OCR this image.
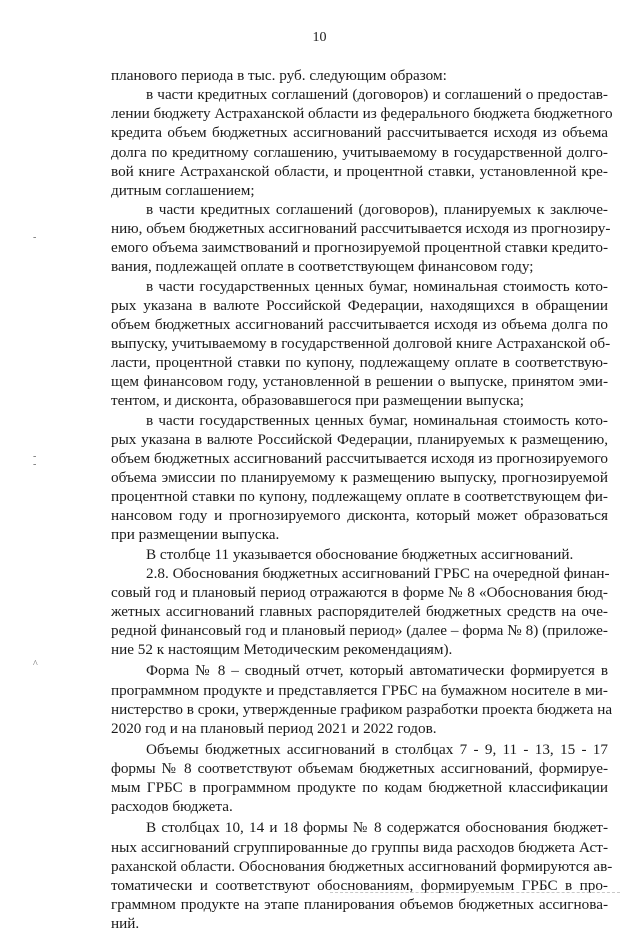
10
-
-
-
^
планового периода в тыс. руб. следующим образом:
в части кредитных соглашений (договоров) и соглашений о предостав-
лении бюджету Астраханской области из федерального бюджета бюджетного
кредита объем бюджетных ассигнований рассчитывается исходя из объема
долга по кредитному соглашению, учитываемому в государственной долго-
вой книге Астраханской области, и процентной ставки, установленной кре-
дитным соглашением;
в части кредитных соглашений (договоров), планируемых к заключе-
нию, объем бюджетных ассигнований рассчитывается исходя из прогнозиру-
емого объема заимствований и прогнозируемой процентной ставки кредито-
вания, подлежащей оплате в соответствующем финансовом году;
в части государственных ценных бумаг, номинальная стоимость кото-
рых указана в валюте Российской Федерации, находящихся в обращении
объем бюджетных ассигнований рассчитывается исходя из объема долга по
выпуску, учитываемому в государственной долговой книге Астраханской об-
ласти, процентной ставки по купону, подлежащему оплате в соответствую-
щем финансовом году, установленной в решении о выпуске, принятом эми-
тентом, и дисконта, образовавшегося при размещении выпуска;
в части государственных ценных бумаг, номинальная стоимость кото-
рых указана в валюте Российской Федерации, планируемых к размещению,
объем бюджетных ассигнований рассчитывается исходя из прогнозируемого
объема эмиссии по планируемому к размещению выпуску, прогнозируемой
процентной ставки по купону, подлежащему оплате в соответствующем фи-
нансовом году и прогнозируемого дисконта, который может образоваться
при размещении выпуска.
В столбце 11 указывается обоснование бюджетных ассигнований.
2.8. Обоснования бюджетных ассигнований ГРБС на очередной финан-
совый год и плановый период отражаются в форме № 8 «Обоснования бюд-
жетных ассигнований главных распорядителей бюджетных средств на оче-
редной финансовый год и плановый период» (далее – форма № 8) (приложе-
ние 52 к настоящим Методическим рекомендациям).
Форма № 8 – сводный отчет, который автоматически формируется в
программном продукте и представляется ГРБС на бумажном носителе в ми-
нистерство в сроки, утвержденные графиком разработки проекта бюджета на
2020 год и на плановый период 2021 и 2022 годов.
Объемы бюджетных ассигнований в столбцах 7 - 9, 11 - 13, 15 - 17
формы № 8 соответствуют объемам бюджетных ассигнований, формируе-
мым ГРБС в программном продукте по кодам бюджетной классификации
расходов бюджета.
В столбцах 10, 14 и 18 формы № 8 содержатся обоснования бюджет-
ных ассигнований сгруппированные до группы вида расходов бюджета Аст-
раханской области. Обоснования бюджетных ассигнований формируются ав-
томатически и соответствуют обоснованиям, формируемым ГРБС в про-
граммном продукте на этапе планирования объемов бюджетных ассигнова-
ний.
